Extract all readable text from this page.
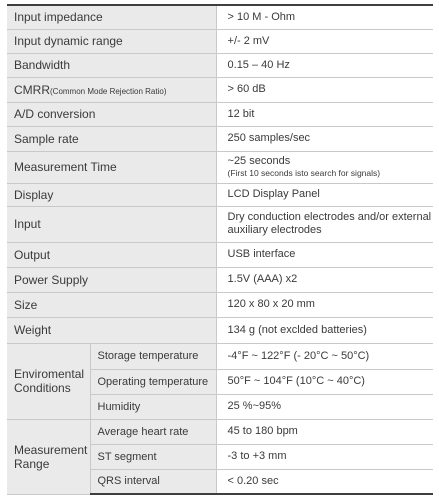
Input impedance		> 10 M - Ohm
Input dynamic range		+/- 2 mV
Bandwidth		0.15 – 40 Hz
CMRR(Common Mode Rejection Ratio)		> 60 dB
A/D conversion		12 bit
Sample rate		250 samples/sec
Measurement Time		~25 seconds
(First 10 seconds isto search for signals)

Display		LCD Display Panel
Input		Dry conduction electrodes and/or external auxiliary electrodes
Output		USB interface
Power Supply		1.5V (AAA) x2
Size		120 x 80 x 20 mm
Weight		134 g (not exclded batteries)
Enviromental Conditions	Storage temperature	-4°F ~ 122°F (- 20°C ~ 50°C)
	Operating temperature	50°F ~ 104°F (10°C ~ 40°C)
	Humidity	25 %~95%
Measurement Range	Average heart rate	45 to 180 bpm
	ST segment	-3 to +3 mm
	QRS interval	< 0.20 sec
